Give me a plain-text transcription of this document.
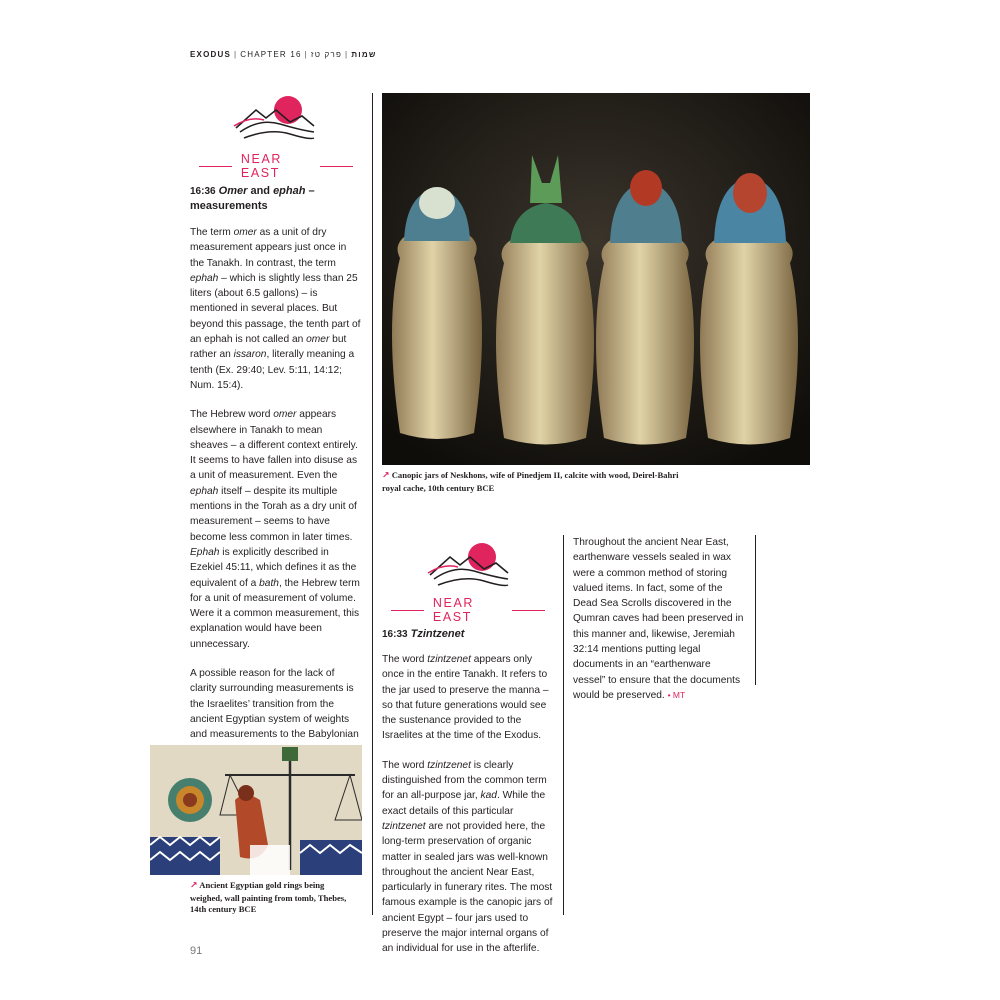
EXODUS | CHAPTER 16 | פרק טז | שמות
NEAR EAST
16:36 Omer and ephah – measurements

The term omer as a unit of dry measurement appears just once in the Tanakh. In contrast, the term ephah – which is slightly less than 25 liters (about 6.5 gallons) – is mentioned in several places. But beyond this passage, the tenth part of an ephah is not called an omer but rather an issaron, literally meaning a tenth (Ex. 29:40; Lev. 5:11, 14:12; Num. 15:4).

The Hebrew word omer appears elsewhere in Tanakh to mean sheaves – a different context entirely. It seems to have fallen into disuse as a unit of measurement. Even the ephah itself – despite its multiple mentions in the Torah as a dry unit of measurement – seems to have become less common in later times. Ephah is explicitly described in Ezekiel 45:11, which defines it as the equivalent of a bath, the Hebrew term for a unit of measurement of volume. Were it a common measurement, this explanation would have been unnecessary.

A possible reason for the lack of clarity surrounding measurements is the Israelites’ transition from the ancient Egyptian system of weights and measurements to the Babylonian

↗ Ancient Egyptian gold rings being weighed, wall painting from tomb, Thebes, 14th century BCE
↗ Canopic jars of Neskhons, wife of Pinedjem II, calcite with wood, Deirel-Bahri royal cache, 10th century BCE
NEAR EAST
16:33 Tzintzenet

The word tzintzenet appears only once in the entire Tanakh. It refers to the jar used to preserve the manna – so that future generations would see the sustenance provided to the Israelites at the time of the Exodus.

The word tzintzenet is clearly distinguished from the common term for an all-purpose jar, kad. While the exact details of this particular tzintzenet are not provided here, the long-term preservation of organic matter in sealed jars was well-known throughout the ancient Near East, particularly in funerary rites. The most famous example is the canopic jars of ancient Egypt – four jars used to preserve the major internal organs of an individual for use in the afterlife.

Throughout the ancient Near East, earthenware vessels sealed in wax were a common method of storing valued items. In fact, some of the Dead Sea Scrolls discovered in the Qumran caves had been preserved in this manner and, likewise, Jeremiah 32:14 mentions putting legal documents in an “earthenware vessel” to ensure that the documents would be preserved. • MT

91
